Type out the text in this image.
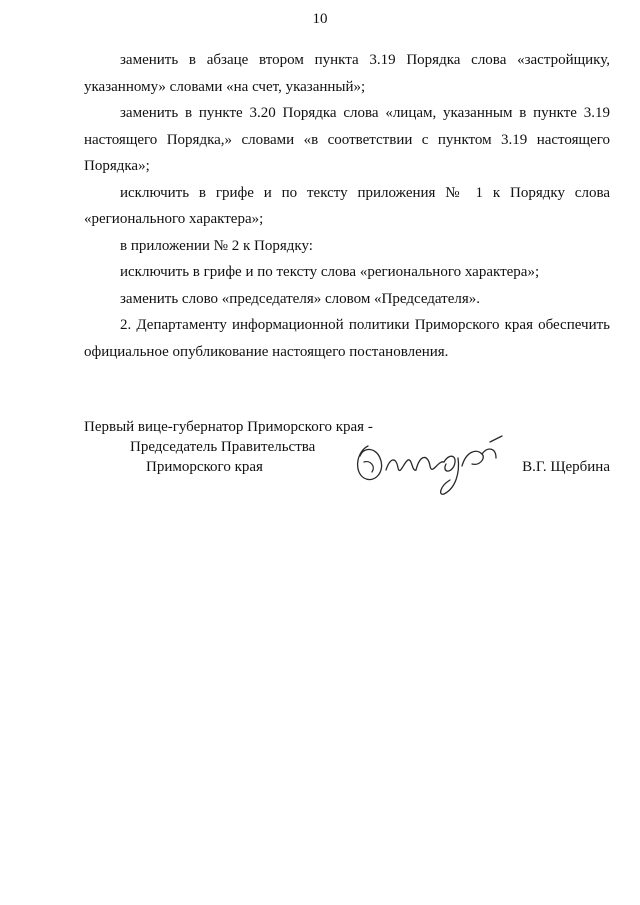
10

заменить в абзаце втором пункта 3.19 Порядка слова «застройщику, указанному» словами «на счет, указанный»;

заменить в пункте 3.20 Порядка слова «лицам, указанным в пункте 3.19 настоящего Порядка,» словами «в соответствии с пунктом 3.19 настоящего Порядка»;

исключить в грифе и по тексту приложения № 1 к Порядку слова «регионального характера»;

в приложении № 2 к Порядку:

исключить в грифе и по тексту слова «регионального характера»;

заменить слово «председателя» словом «Председателя».

2. Департаменту информационной политики Приморского края обеспечить официальное опубликование настоящего постановления.

Первый вице-губернатор Приморского края -
Председатель Правительства
Приморского края	В.Г. Щербина
